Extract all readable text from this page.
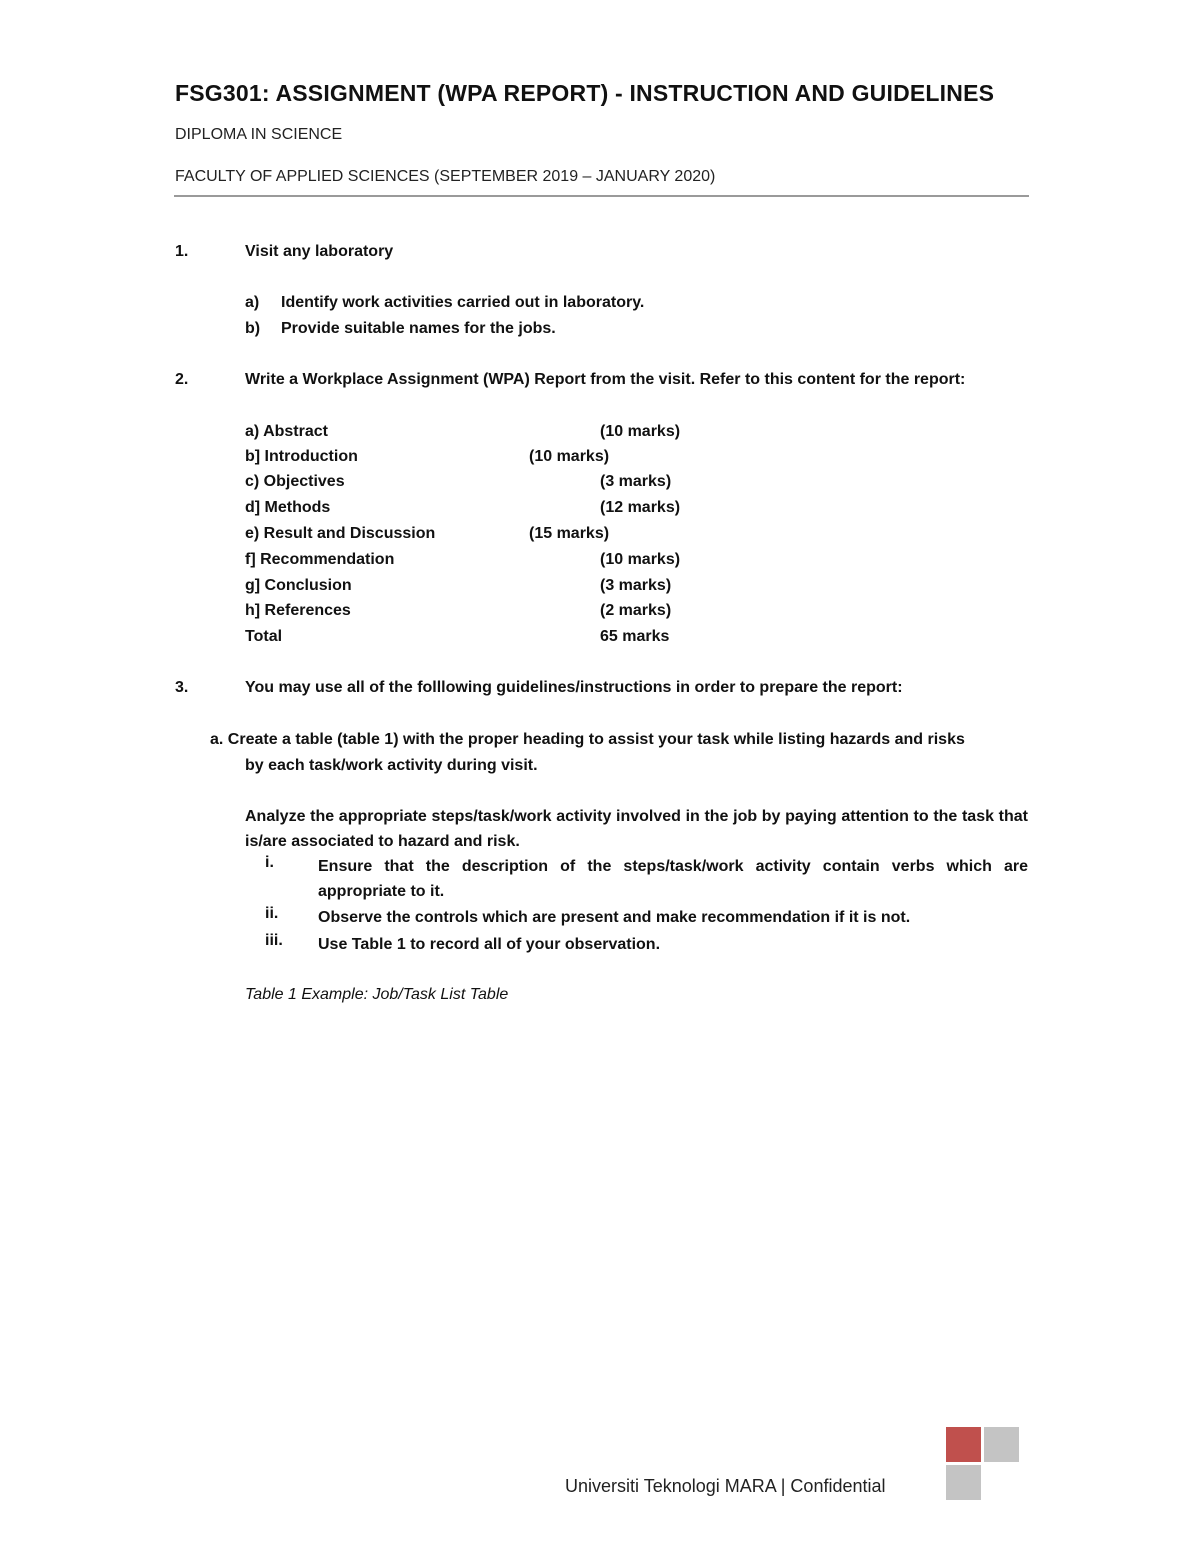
FSG301: ASSIGNMENT (WPA REPORT) - INSTRUCTION AND GUIDELINES
DIPLOMA IN SCIENCE
FACULTY OF APPLIED SCIENCES (SEPTEMBER 2019 – JANUARY 2020)
1.	Visit any laboratory
a) Identify work activities carried out in laboratory.
b) Provide suitable names for the jobs.
2.	Write a Workplace Assignment (WPA) Report from the visit. Refer to this content for the report:
a) Abstract	(10 marks)
b] Introduction	(10 marks)
c) Objectives	(3 marks)
d] Methods	(12 marks)
e) Result and Discussion	(15 marks)
f] Recommendation	(10 marks)
g] Conclusion	(3 marks)
h] References	(2 marks)
Total	65 marks
3.	You may use all of the folllowing guidelines/instructions in order to prepare the report:
a. Create a table (table 1) with the proper heading to assist your task while listing hazards and risks
by each task/work activity during visit.
Analyze the appropriate steps/task/work activity involved in the job by paying attention to the task that is/are associated to hazard and risk.
i.	Ensure that the description of the steps/task/work activity contain verbs which are appropriate to it.
ii. Observe the controls which are present and make recommendation if it is not.
iii. Use Table 1 to record all of your observation.
Table 1 Example: Job/Task List Table
Universiti Teknologi MARA | Confidential
